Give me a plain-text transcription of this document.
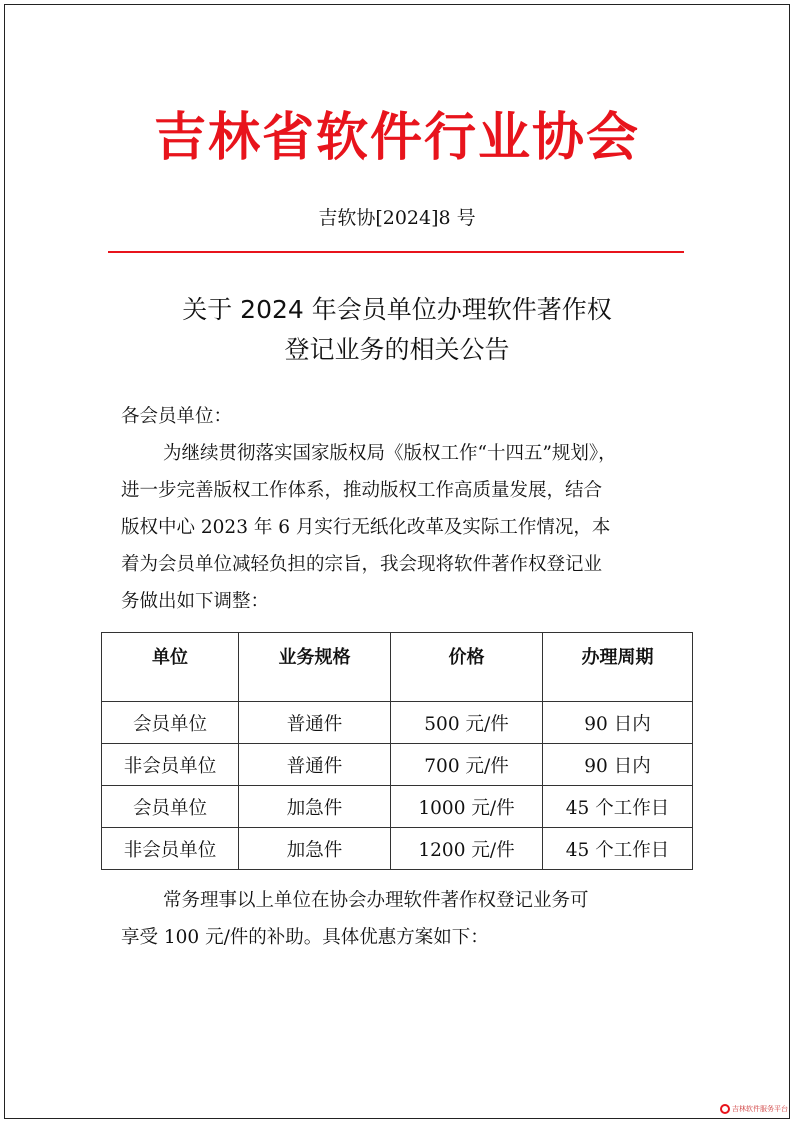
吉林省软件行业协会
吉软协[2024]8 号
关于 2024 年会员单位办理软件著作权
登记业务的相关公告
各会员单位：
为继续贯彻落实国家版权局《版权工作“十四五”规划》，
进一步完善版权工作体系，推动版权工作高质量发展，结合
版权中心 2023 年 6 月实行无纸化改革及实际工作情况，本
着为会员单位减轻负担的宗旨，我会现将软件著作权登记业
务做出如下调整：
单位	业务规格	价格	办理周期
会员单位	普通件	500 元/件	90 日内
非会员单位	普通件	700 元/件	90 日内
会员单位	加急件	1000 元/件	45 个工作日
非会员单位	加急件	1200 元/件	45 个工作日
常务理事以上单位在协会办理软件著作权登记业务可
享受 100 元/件的补助。具体优惠方案如下：
吉林软件服务平台
